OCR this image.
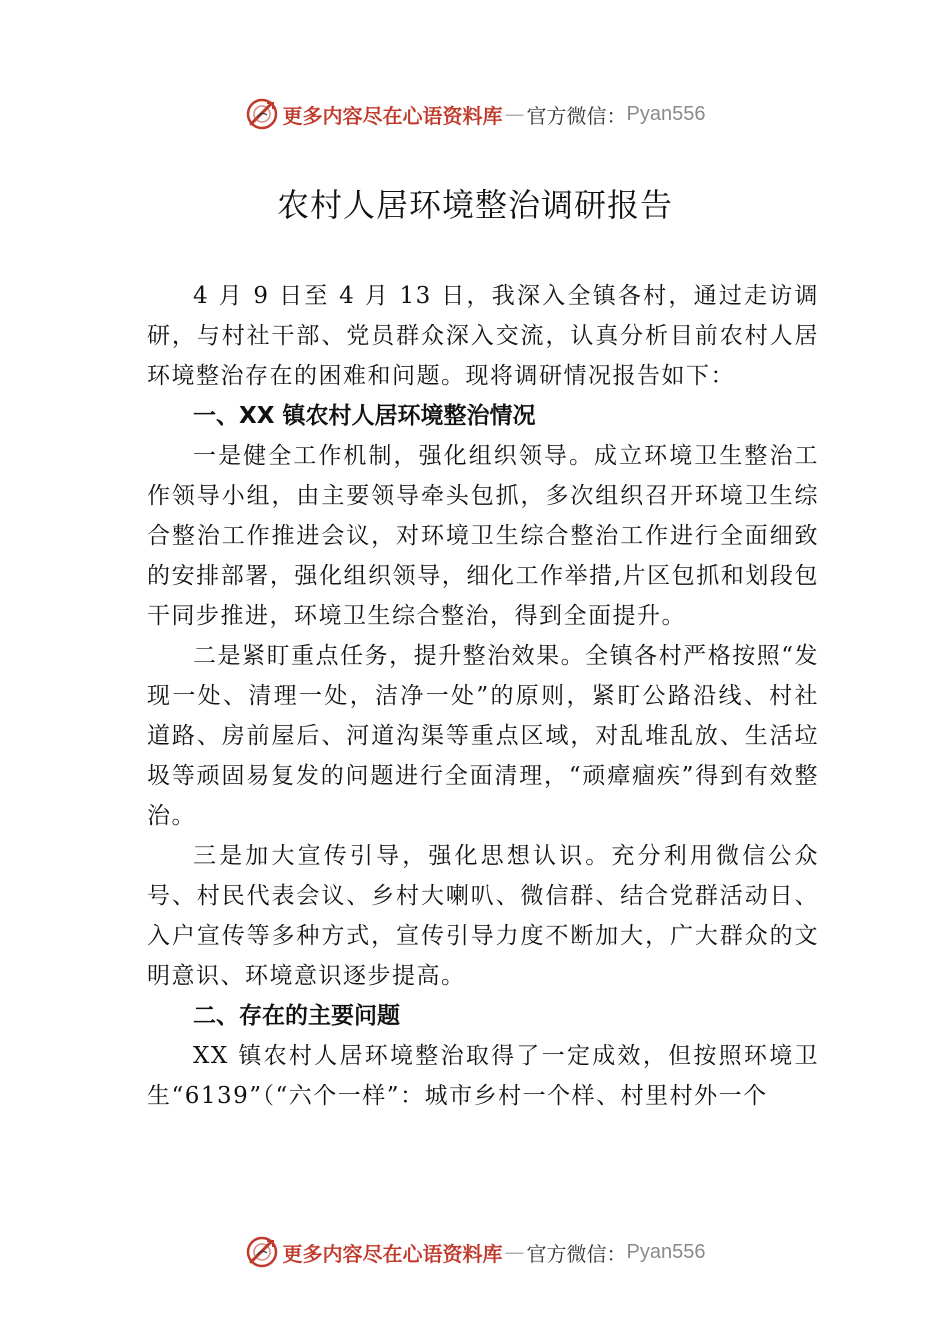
更多内容尽在心语资料库 — 官方微信： Pyan556
农村人居环境整治调研报告

4 月 9 日至 4 月 13 日，我深入全镇各村，通过走访调研，与村社干部、党员群众深入交流，认真分析目前农村人居环境整治存在的困难和问题。现将调研情况报告如下：

一、XX 镇农村人居环境整治情况

一是健全工作机制，强化组织领导。成立环境卫生整治工作领导小组，由主要领导牵头包抓，多次组织召开环境卫生综合整治工作推进会议，对环境卫生综合整治工作进行全面细致的安排部署，强化组织领导，细化工作举措,片区包抓和划段包干同步推进，环境卫生综合整治，得到全面提升。

二是紧盯重点任务，提升整治效果。全镇各村严格按照“发现一处、清理一处，洁净一处”的原则，紧盯公路沿线、村社道路、房前屋后、河道沟渠等重点区域，对乱堆乱放、生活垃圾等顽固易复发的问题进行全面清理，“顽瘴痼疾”得到有效整治。

三是加大宣传引导，强化思想认识。充分利用微信公众号、村民代表会议、乡村大喇叭、微信群、结合党群活动日、入户宣传等多种方式，宣传引导力度不断加大，广大群众的文明意识、环境意识逐步提高。

二、存在的主要问题

XX 镇农村人居环境整治取得了一定成效，但按照环境卫生“6139”（“六个一样”：城市乡村一个样、村里村外一个

更多内容尽在心语资料库 — 官方微信： Pyan556
